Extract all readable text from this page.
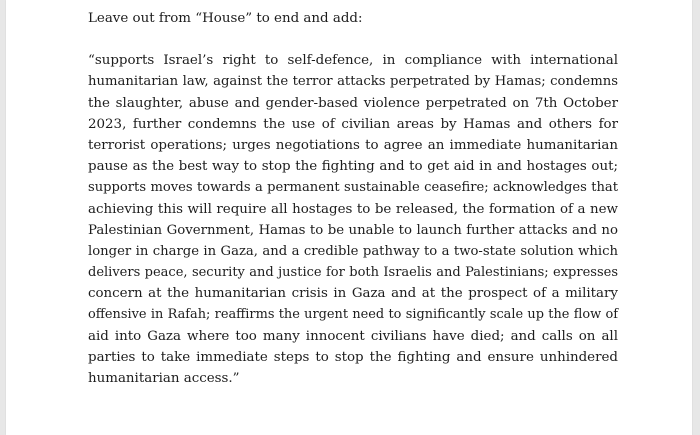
Leave out from “House” to end and add:

“supports Israel’s right to self-defence, in compliance with international
humanitarian law, against the terror attacks perpetrated by Hamas; condemns
the slaughter, abuse and gender-based violence perpetrated on 7th October
2023, further condemns the use of civilian areas by Hamas and others for
terrorist operations; urges negotiations to agree an immediate humanitarian
pause as the best way to stop the fighting and to get aid in and hostages out;
supports moves towards a permanent sustainable ceasefire; acknowledges that
achieving this will require all hostages to be released, the formation of a new
Palestinian Government, Hamas to be unable to launch further attacks and no
longer in charge in Gaza, and a credible pathway to a two-state solution which
delivers peace, security and justice for both Israelis and Palestinians; expresses
concern at the humanitarian crisis in Gaza and at the prospect of a military
offensive in Rafah; reaffirms the urgent need to significantly scale up the flow of
aid into Gaza where too many innocent civilians have died; and calls on all
parties to take immediate steps to stop the fighting and ensure unhindered
humanitarian access.”
